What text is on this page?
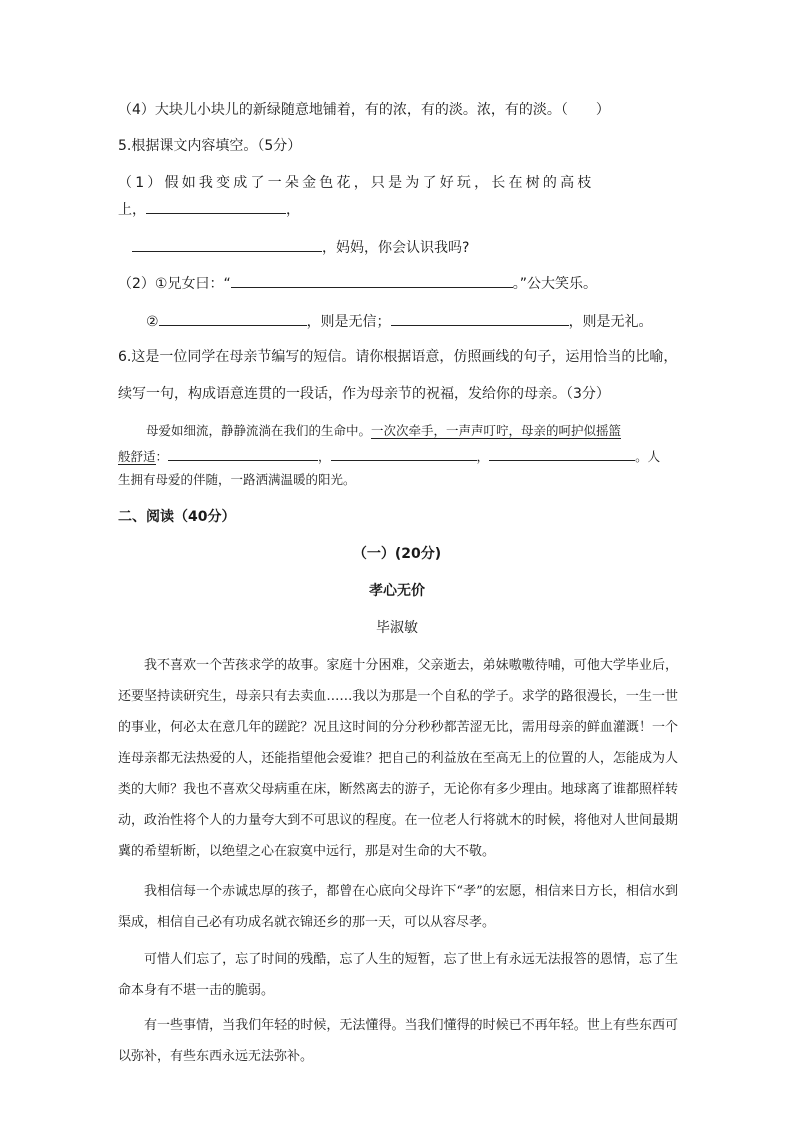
（4）大块儿小块儿的新绿随意地铺着，有的浓，有的淡。浓，有的淡。（　　）
5.根据课文内容填空。（5分）
（1）假如我变成了一朵金色花，只是为了好玩，长在树的高枝
上，	，
，妈妈，你会认识我吗?
（2）①兄女曰：“	。”公大笑乐。
②	，则是无信；	，则是无礼。
6.这是一位同学在母亲节编写的短信。请你根据语意，仿照画线的句子，运用恰当的比喻，
续写一句，构成语意连贯的一段话，作为母亲节的祝福，发给你的母亲。（3分）
母爱如细流，静静流淌在我们的生命中。一次次牵手，一声声叮咛，母亲的呵护似摇篮
般舒适：	，	，	。人
生拥有母爱的伴随，一路洒满温暖的阳光。
二、阅读（40分）
（一）(20分)
孝心无价
毕淑敏
我不喜欢一个苦孩求学的故事。家庭十分困难，父亲逝去，弟妹嗷嗷待哺，可他大学毕业后，还要坚持读研究生，母亲只有去卖血……我以为那是一个自私的学子。求学的路很漫长，一生一世的事业，何必太在意几年的蹉跎？况且这时间的分分秒秒都苦涩无比，需用母亲的鲜血灌溉！一个连母亲都无法热爱的人，还能指望他会爱谁？把自己的利益放在至高无上的位置的人，怎能成为人类的大师？我也不喜欢父母病重在床，断然离去的游子，无论你有多少理由。地球离了谁都照样转动，政治性将个人的力量夸大到不可思议的程度。在一位老人行将就木的时候，将他对人世间最期冀的希望斩断，以绝望之心在寂寞中远行，那是对生命的大不敬。
我相信每一个赤诚忠厚的孩子，都曾在心底向父母许下“孝”的宏愿，相信来日方长，相信水到渠成，相信自己必有功成名就衣锦还乡的那一天，可以从容尽孝。
可惜人们忘了，忘了时间的残酷，忘了人生的短暂，忘了世上有永远无法报答的恩情，忘了生命本身有不堪一击的脆弱。
有一些事情，当我们年轻的时候，无法懂得。当我们懂得的时候已不再年轻。世上有些东西可以弥补，有些东西永远无法弥补。
